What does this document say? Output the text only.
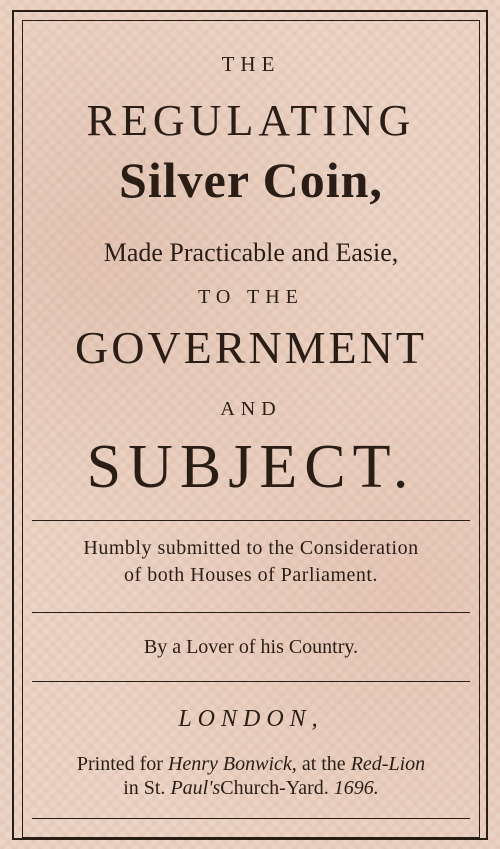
THE
REGULATING
Silver Coin,
Made Practicable and Easie,
TO THE
GOVERNMENT
AND
SUBJECT.
Humbly submitted to the Consideration
of both Houses of Parliament.
By a Lover of his Country.
LONDON,
Printed for Henry Bonwick, at the Red-Lion
in St. Paul'sChurch-Yard. 1696.
